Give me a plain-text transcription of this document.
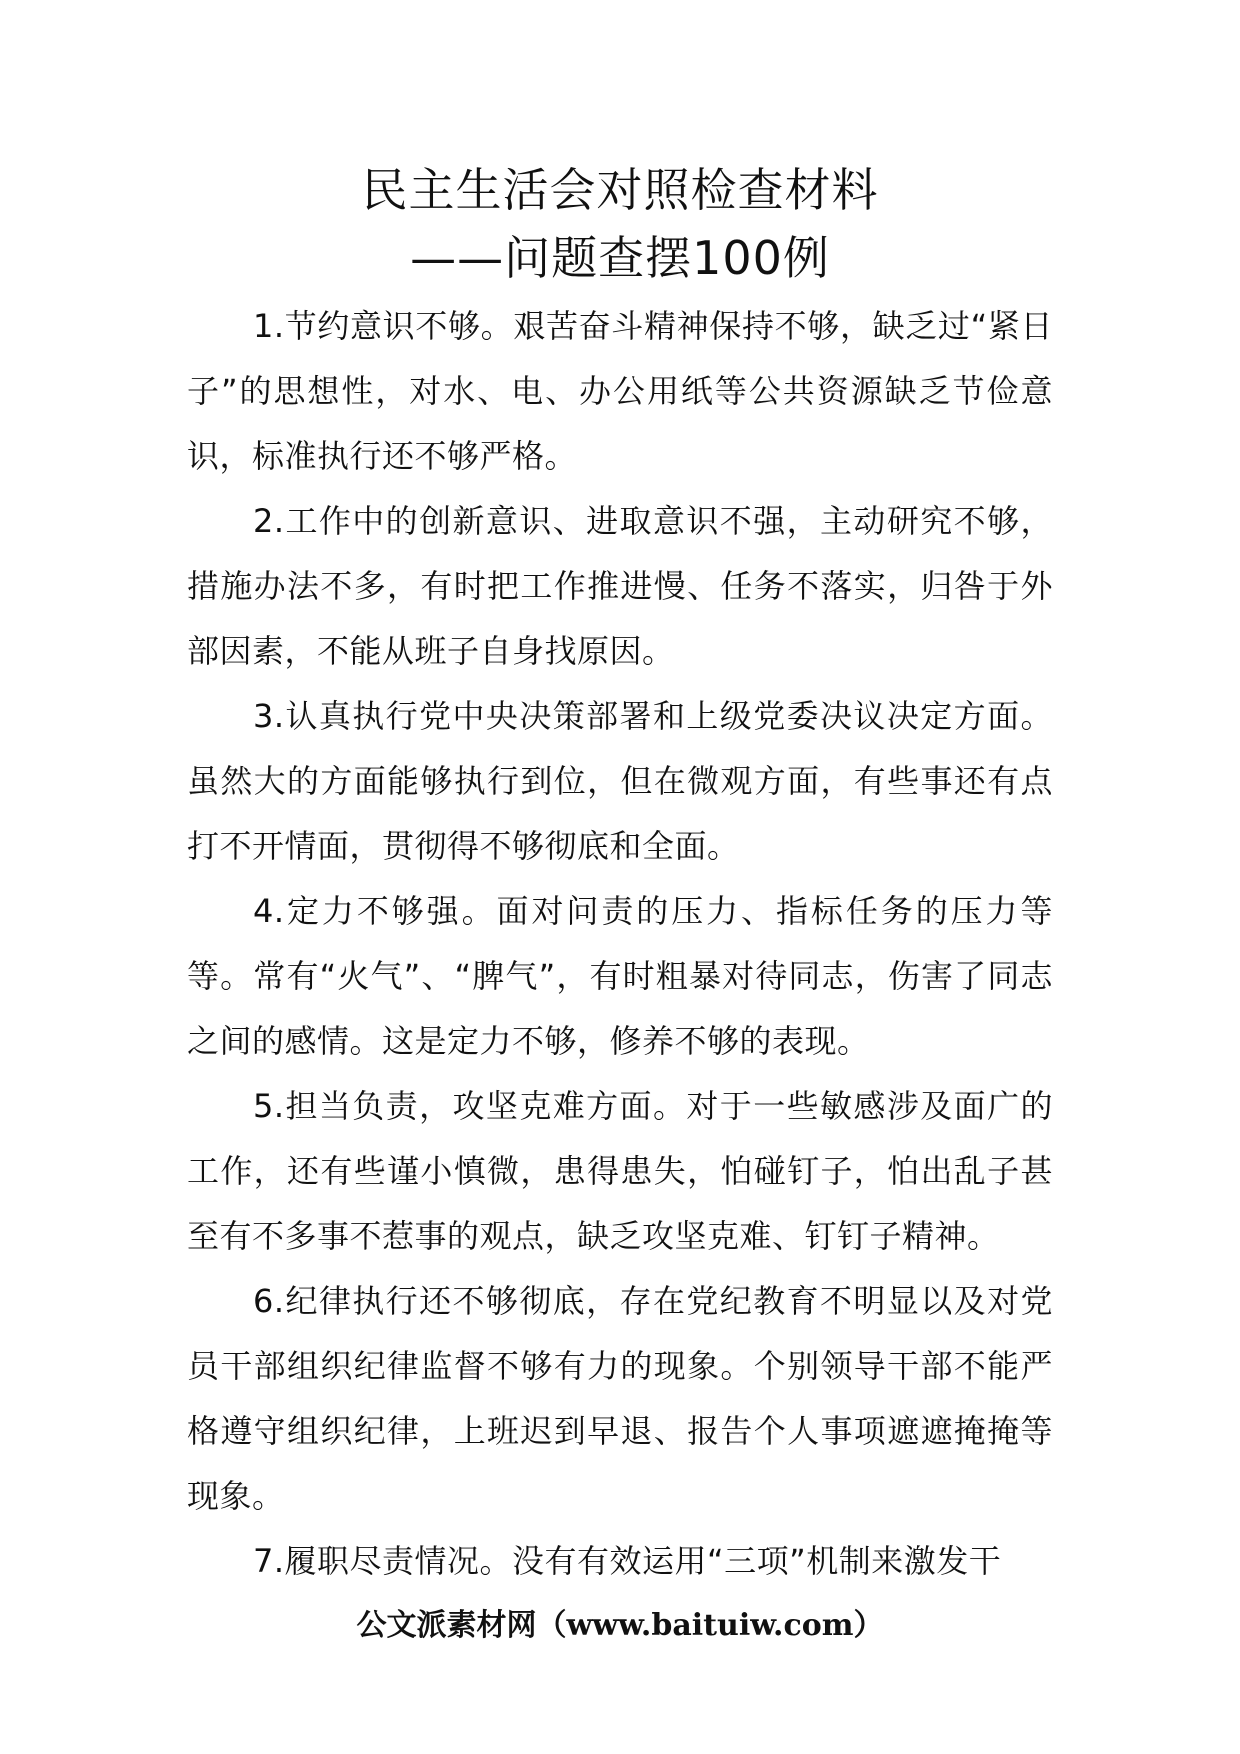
民主生活会对照检查材料
——问题查摆100例

1.节约意识不够。艰苦奋斗精神保持不够，缺乏过“紧日子”的思想性，对水、电、办公用纸等公共资源缺乏节俭意识，标准执行还不够严格。

2.工作中的创新意识、进取意识不强，主动研究不够，措施办法不多，有时把工作推进慢、任务不落实，归咎于外部因素，不能从班子自身找原因。

3.认真执行党中央决策部署和上级党委决议决定方面。虽然大的方面能够执行到位，但在微观方面，有些事还有点打不开情面，贯彻得不够彻底和全面。

4.定力不够强。面对问责的压力、指标任务的压力等等。常有“火气”、“脾气”，有时粗暴对待同志，伤害了同志之间的感情。这是定力不够，修养不够的表现。

5.担当负责，攻坚克难方面。对于一些敏感涉及面广的工作，还有些谨小慎微，患得患失，怕碰钉子，怕出乱子甚至有不多事不惹事的观点，缺乏攻坚克难、钉钉子精神。

6.纪律执行还不够彻底，存在党纪教育不明显以及对党员干部组织纪律监督不够有力的现象。个别领导干部不能严格遵守组织纪律，上班迟到早退、报告个人事项遮遮掩掩等现象。

7.履职尽责情况。没有有效运用“三项”机制来激发干

公文派素材网（www.baituiw.com）
